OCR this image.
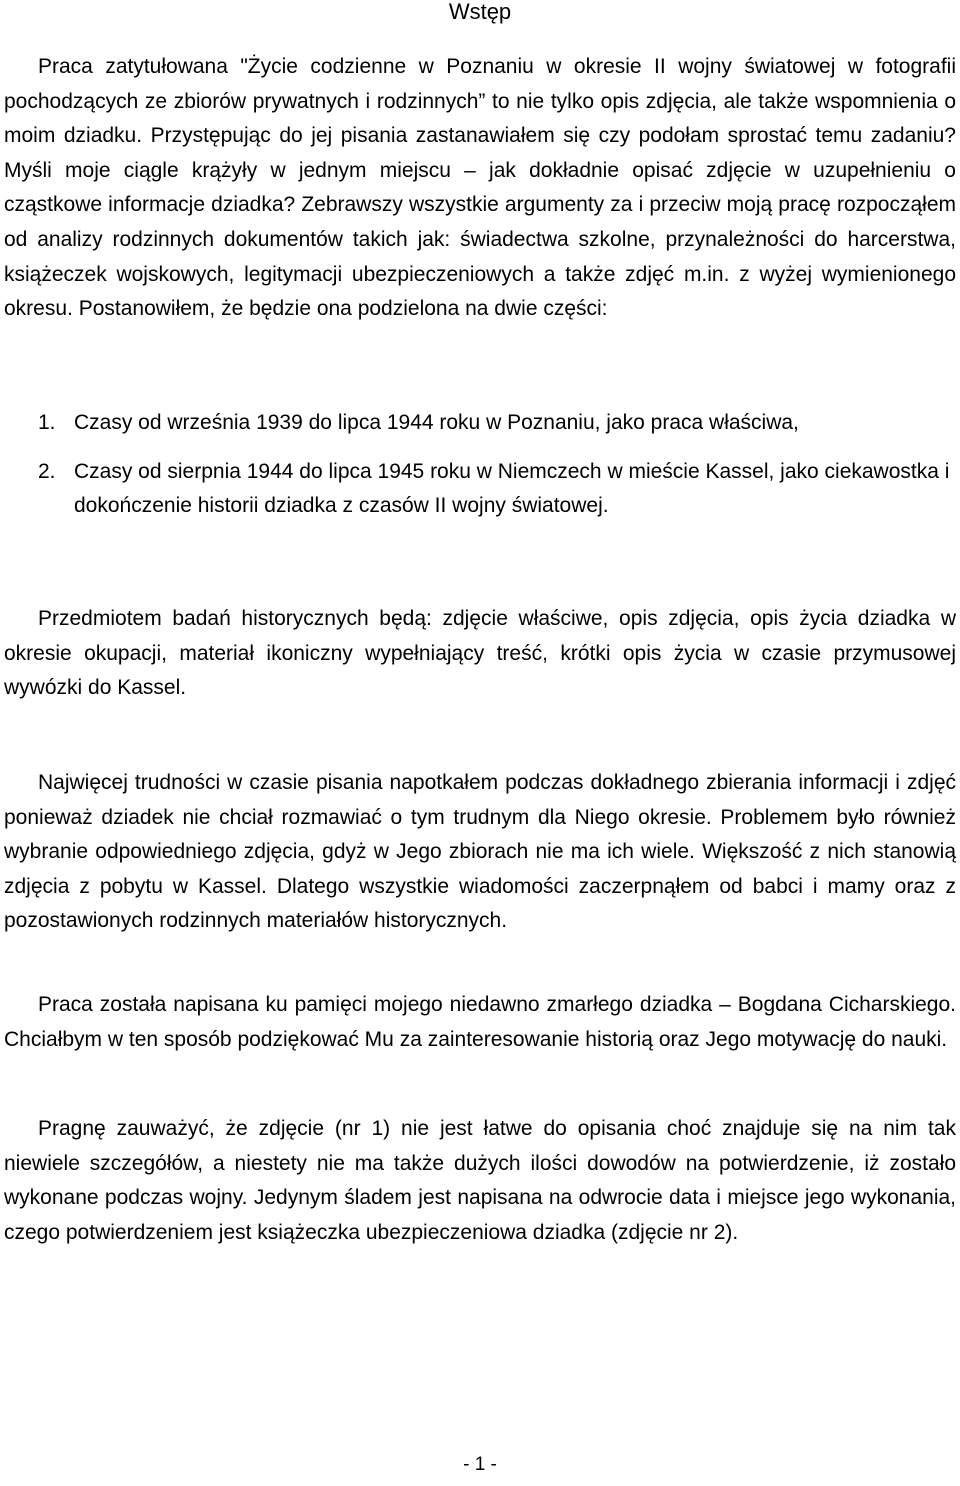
Wstęp

Praca zatytułowana "Życie codzienne w Poznaniu w okresie II wojny światowej w fotografii pochodzących ze zbiorów prywatnych i rodzinnych” to nie tylko opis zdjęcia, ale także wspomnienia o moim dziadku. Przystępując do jej pisania zastanawiałem się czy podołam sprostać temu zadaniu? Myśli moje ciągle krążyły w jednym miejscu – jak dokładnie opisać zdjęcie w uzupełnieniu o cząstkowe informacje dziadka? Zebrawszy wszystkie argumenty za i przeciw moją pracę rozpocząłem od analizy rodzinnych dokumentów takich jak: świadectwa szkolne, przynależności do harcerstwa, książeczek wojskowych, legitymacji ubezpieczeniowych a także zdjęć m.in. z wyżej wymienionego okresu. Postanowiłem, że będzie ona podzielona na dwie części:

1. Czasy od września 1939 do lipca 1944 roku w Poznaniu, jako praca właściwa,
2. Czasy od sierpnia 1944 do lipca 1945 roku w Niemczech w mieście Kassel, jako ciekawostka i dokończenie historii dziadka z czasów II wojny światowej.

Przedmiotem badań historycznych będą: zdjęcie właściwe, opis zdjęcia, opis życia dziadka w okresie okupacji, materiał ikoniczny wypełniający treść, krótki opis życia w czasie przymusowej wywózki do Kassel.

Najwięcej trudności w czasie pisania napotkałem podczas dokładnego zbierania informacji i zdjęć ponieważ dziadek nie chciał rozmawiać o tym trudnym dla Niego okresie. Problemem było również wybranie odpowiedniego zdjęcia, gdyż w Jego zbiorach nie ma ich wiele. Większość z nich stanowią zdjęcia z pobytu w Kassel. Dlatego wszystkie wiadomości zaczerpnąłem od babci i mamy oraz z pozostawionych rodzinnych materiałów historycznych.

Praca została napisana ku pamięci mojego niedawno zmarłego dziadka – Bogdana Cicharskiego. Chciałbym w ten sposób podziękować Mu za zainteresowanie historią oraz Jego motywację do nauki.

Pragnę zauważyć, że zdjęcie (nr 1) nie jest łatwe do opisania choć znajduje się na nim tak niewiele szczegółów, a niestety nie ma także dużych ilości dowodów na potwierdzenie, iż zostało wykonane podczas wojny. Jedynym śladem jest napisana na odwrocie data i miejsce jego wykonania, czego potwierdzeniem jest książeczka ubezpieczeniowa dziadka (zdjęcie nr 2).

- 1 -
